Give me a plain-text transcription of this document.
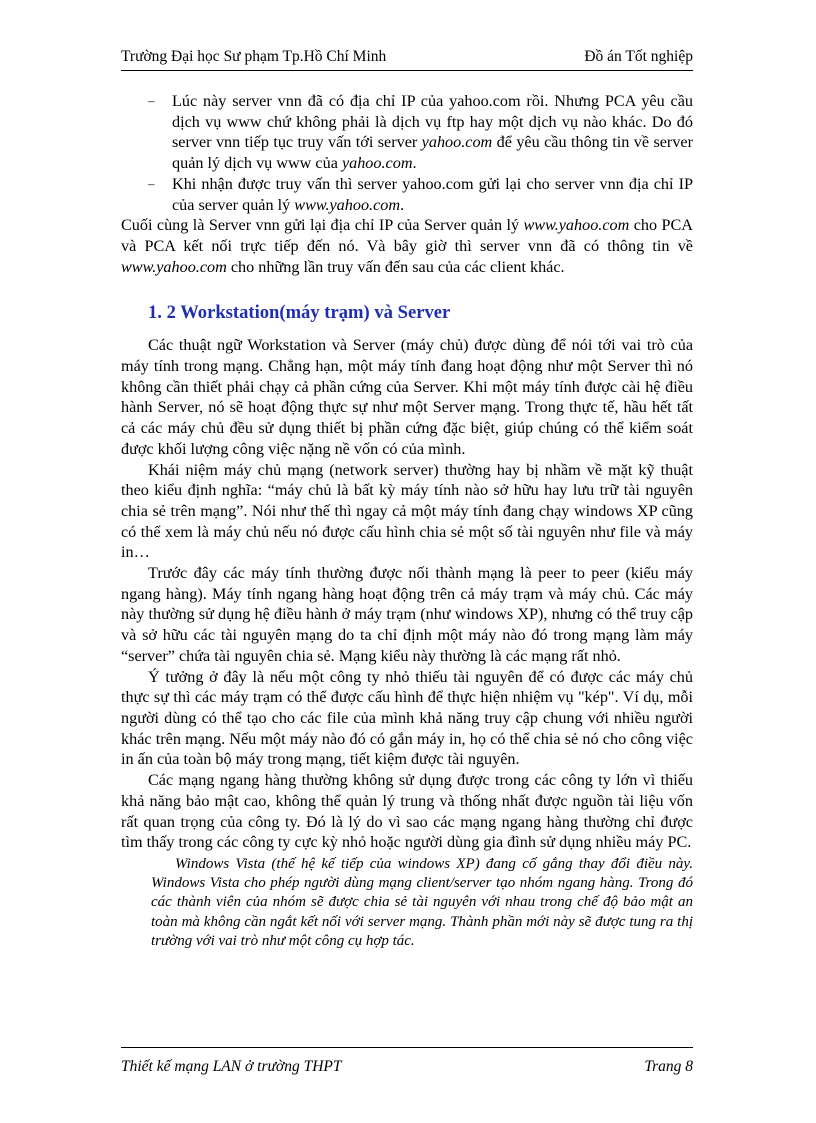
Trường Đại học Sư phạm Tp.Hồ Chí Minh	Đồ án Tốt nghiệp

– Lúc này server vnn đã có địa chỉ IP của yahoo.com rồi. Nhưng PCA yêu cầu dịch vụ www chứ không phải là dịch vụ ftp hay một dịch vụ nào khác. Do đó server vnn tiếp tục truy vấn tới server yahoo.com để yêu cầu thông tin về server quản lý dịch vụ www của yahoo.com.

– Khi nhận được truy vấn thì server yahoo.com gửi lại cho server vnn địa chỉ IP của server quản lý www.yahoo.com.

Cuối cùng là Server vnn gửi lại địa chỉ IP của Server quản lý www.yahoo.com cho PCA và PCA kết nối trực tiếp đến nó. Và bây giờ thì server vnn đã có thông tin về www.yahoo.com cho những lần truy vấn đến sau của các client khác.

1. 2 Workstation(máy trạm) và Server

Các thuật ngữ Workstation và Server (máy chủ) được dùng để nói tới vai trò của máy tính trong mạng. Chẳng hạn, một máy tính đang hoạt động như một Server thì nó không cần thiết phải chạy cả phần cứng của Server. Khi một máy tính được cài hệ điều hành Server, nó sẽ hoạt động thực sự như một Server mạng. Trong thực tế, hầu hết tất cả các máy chủ đều sử dụng thiết bị phần cứng đặc biệt, giúp chúng có thể kiểm soát được khối lượng công việc nặng nề vốn có của mình.

Khái niệm máy chủ mạng (network server) thường hay bị nhầm về mặt kỹ thuật theo kiểu định nghĩa: “máy chủ là bất kỳ máy tính nào sở hữu hay lưu trữ tài nguyên chia sẻ trên mạng”. Nói như thế thì ngay cả một máy tính đang chạy windows XP cũng có thể xem là máy chủ nếu nó được cấu hình chia sẻ một số tài nguyên như file và máy in…

Trước đây các máy tính thường được nối thành mạng là peer to peer (kiểu máy ngang hàng). Máy tính ngang hàng hoạt động trên cả máy trạm và máy chủ. Các máy này thường sử dụng hệ điều hành ở máy trạm (như windows XP), nhưng có thể truy cập và sở hữu các tài nguyên mạng do ta chỉ định một máy nào đó trong mạng làm máy “server” chứa tài nguyên chia sẻ. Mạng kiểu này thường là các mạng rất nhỏ.

Ý tưởng ở đây là nếu một công ty nhỏ thiếu tài nguyên để có được các máy chủ thực sự thì các máy trạm có thể được cấu hình để thực hiện nhiệm vụ "kép". Ví dụ, mỗi người dùng có thể tạo cho các file của mình khả năng truy cập chung với nhiều người khác trên mạng. Nếu một máy nào đó có gắn máy in, họ có thể chia sẻ nó cho công việc in ấn của toàn bộ máy trong mạng, tiết kiệm được tài nguyên.

Các mạng ngang hàng thường không sử dụng được trong các công ty lớn vì thiếu khả năng bảo mật cao, không thể quản lý trung và thống nhất được nguồn tài liệu vốn rất quan trọng của công ty. Đó là lý do vì sao các mạng ngang hàng thường chỉ được tìm thấy trong các công ty cực kỳ nhỏ hoặc người dùng gia đình sử dụng nhiều máy PC.

Windows Vista (thế hệ kế tiếp của windows XP) đang cố gắng thay đổi điều này. Windows Vista cho phép người dùng mạng client/server tạo nhóm ngang hàng. Trong đó các thành viên của nhóm sẽ được chia sẻ tài nguyên với nhau trong chế độ bảo mật an toàn mà không cần ngắt kết nối với server mạng. Thành phần mới này sẽ được tung ra thị trường với vai trò như một công cụ hợp tác.

Thiết kế mạng LAN ở trường THPT	Trang 8
